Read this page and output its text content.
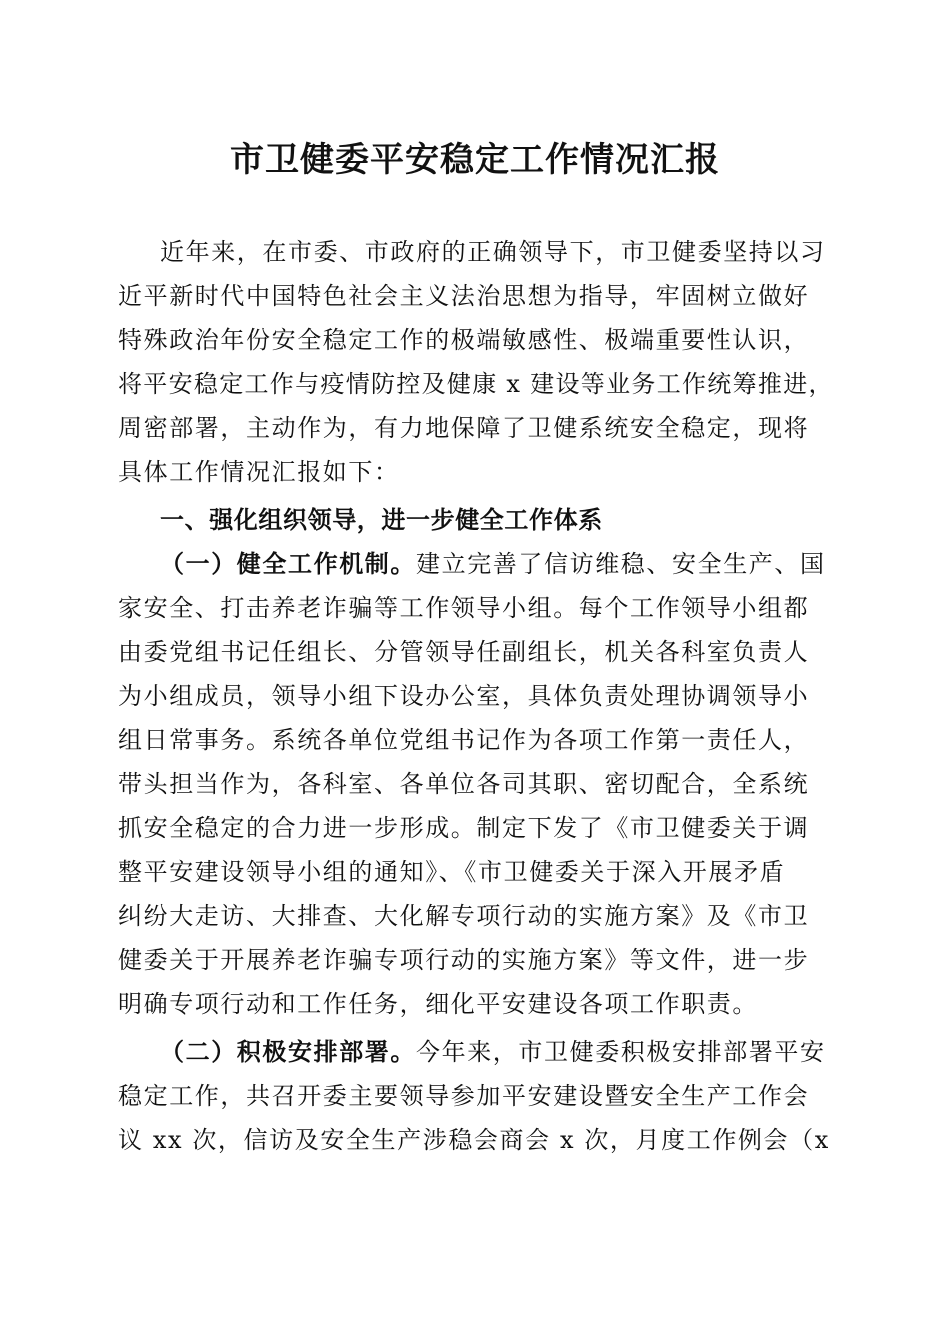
市卫健委平安稳定工作情况汇报
近年来，在市委、市政府的正确领导下，市卫健委坚持以习
近平新时代中国特色社会主义法治思想为指导，牢固树立做好
特殊政治年份安全稳定工作的极端敏感性、极端重要性认识，
将平安稳定工作与疫情防控及健康 x 建设等业务工作统筹推进，
周密部署，主动作为，有力地保障了卫健系统安全稳定，现将
具体工作情况汇报如下：
一、强化组织领导，进一步健全工作体系
（一）健全工作机制。建立完善了信访维稳、安全生产、国
家安全、打击养老诈骗等工作领导小组。每个工作领导小组都
由委党组书记任组长、分管领导任副组长，机关各科室负责人
为小组成员，领导小组下设办公室，具体负责处理协调领导小
组日常事务。系统各单位党组书记作为各项工作第一责任人，
带头担当作为，各科室、各单位各司其职、密切配合，全系统
抓安全稳定的合力进一步形成。制定下发了《市卫健委关于调
整平安建设领导小组的通知》、《市卫健委关于深入开展矛盾
纠纷大走访、大排查、大化解专项行动的实施方案》及《市卫
健委关于开展养老诈骗专项行动的实施方案》等文件，进一步
明确专项行动和工作任务，细化平安建设各项工作职责。
（二）积极安排部署。今年来，市卫健委积极安排部署平安
稳定工作，共召开委主要领导参加平安建设暨安全生产工作会
议 xx 次，信访及安全生产涉稳会商会 x 次，月度工作例会（x
